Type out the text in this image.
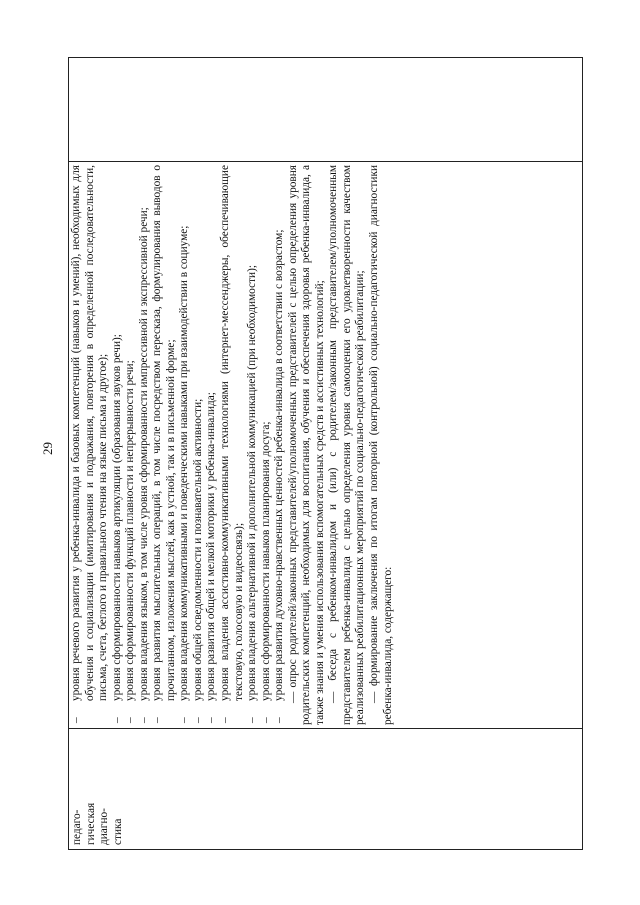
29
педаго-
гическая
диагно-
стика

–
уровня речевого развития у ребенка-инвалида и базовых компетенций (навыков и умений), необходимых для обучения и социализации (имитирования и подражания, повторения в определенной последовательности, письма, счета, беглого и правильного чтения на языке письма и другое);
–
уровня сформированности навыков артикуляции (образования звуков речи);
–
уровня сформированности функций плавности и непрерывности речи;
–
уровня владения языком, в том числе уровня сформированности импрессивной и экспрессивной речи;
–
уровня развития мыслительных операций, в том числе посредством пересказа, формулирования выводов о прочитанном, изложения мыслей, как в устной, так и в письменной форме;
–
уровня владения коммуникативными и поведенческими навыками при взаимодействии в социуме;
–
уровня общей осведомленности и познавательной активности;
–
уровня развития общей и мелкой моторики у ребенка-инвалида;
–
уровня владения ассистивно-коммуникативными технологиями (интернет-мессенджеры, обеспечивающие текстовую, голосовую и видеосвязь);
–
уровня владения альтернативной и дополнительной коммуникацией (при необходимости);
–
уровня сформированности навыков планирования досуга;
–
уровня развития духовно-нравственных ценностей ребенка-инвалида в соответствии с возрастом; — опрос родителей/законных представителей/уполномоченных представителей с целью определения уровня родительских компетенций, необходимых для воспитания, обучения и обеспечения здоровья ребенка-инвалида, а также знания и умения использования вспомогательных средств и ассистивных технологий; — беседа с ребенком-инвалидом и (или) с родителем/законным представителем/уполномоченным представителем ребенка-инвалида с целью определения уровня самооценки его удовлетворенности качеством реализованных реабилитационных мероприятий по социально-педагогической реабилитации; — формирование заключения по итогам повторной (контрольной) социально-педагогической диагностики ребенка-инвалида, содержащего:
